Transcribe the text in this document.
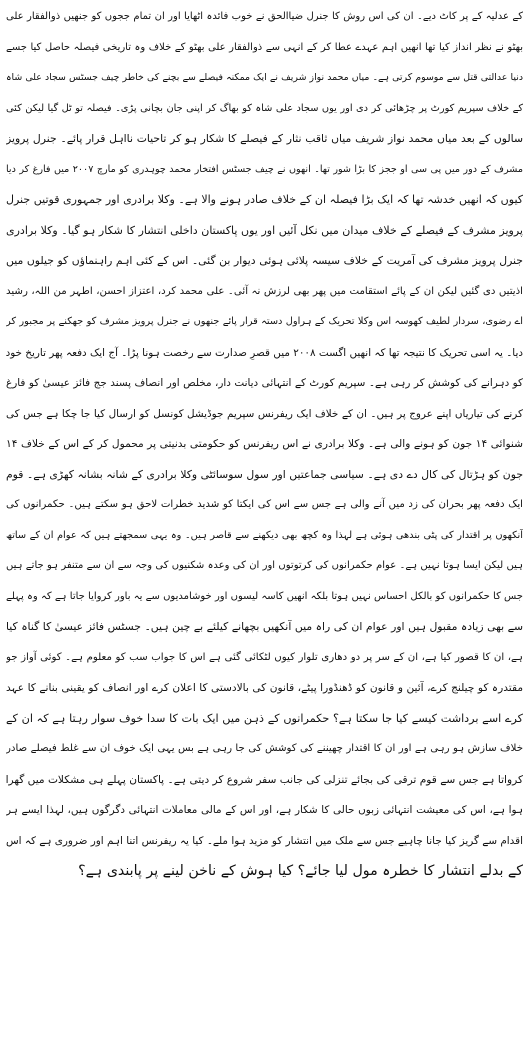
کے عدلیہ کے پر کاٹ دیے۔ ان کی اس روش کا جنرل ضیاالحق نے خوب فائدہ اٹھایا اور ان تمام ججوں کو جنھیں ذوالفقار علی
بھٹو نے نظر انداز کیا تھا انھیں اہم عہدے عطا کر کے انہی سے ذوالفقار علی بھٹو کے خلاف وہ تاریخی فیصلہ حاصل کیا جسے
دنیا عدالتی قتل سے موسوم کرتی ہے۔ میاں محمد نواز شریف نے ایک ممکنہ فیصلے سے بچنے کی خاطر چیف جسٹس سجاد علی شاہ
کے خلاف سپریم کورٹ پر چڑھائی کر دی اور یوں سجاد علی شاہ کو بھاگ کر اپنی جان بچانی پڑی۔ فیصلہ تو ٹل گیا لیکن کئی
سالوں کے بعد میاں محمد نواز شریف میاں ثاقب نثار کے فیصلے کا شکار ہو کر تاحیات نااہل قرار پائے۔ جنرل پرویز
مشرف کے دور میں پی سی او ججز کا بڑا شور تھا۔ انھوں نے چیف جسٹس افتخار محمد چوہدری کو مارچ ۲۰۰۷ میں فارغ کر دیا
کیوں کہ انھیں خدشہ تھا کہ ایک بڑا فیصلہ ان کے خلاف صادر ہونے والا ہے۔ وکلا برادری اور جمہوری قوتیں جنرل
پرویز مشرف کے فیصلے کے خلاف میدان میں نکل آئیں اور یوں پاکستان داخلی انتشار کا شکار ہو گیا۔ وکلا برادری
جنرل پرویز مشرف کی آمریت کے خلاف سیسہ پلائی ہوئی دیوار بن گئی۔ اس کے کئی اہم راہنماؤں کو جیلوں میں
اذیتیں دی گئیں لیکن ان کے پائے استقامت میں پھر بھی لرزش نہ آئی۔ علی محمد کرد، اعتزاز احسن، اطہر من اللہ، رشید
اے رضوی، سردار لطیف کھوسہ اس وکلا تحریک کے ہراول دستہ قرار پائے جنھوں نے جنرل پرویز مشرف کو جھکنے پر مجبور کر
دیا۔ یہ اسی تحریک کا نتیجہ تھا کہ انھیں اگست ۲۰۰۸ میں قصرِ صدارت سے رخصت ہونا پڑا۔ آج ایک دفعہ پھر تاریخ خود
کو دہرانے کی کوشش کر رہی ہے۔ سپریم کورٹ کے انتہائی دیانت دار، مخلص اور انصاف پسند جج فائز عیسیٰ کو فارغ
کرنے کی تیاریاں اپنے عروج پر ہیں۔ ان کے خلاف ایک ریفرنس سپریم جوڈیشل کونسل کو ارسال کیا جا چکا ہے جس کی
شنوائی ۱۴ جون کو ہونے والی ہے۔ وکلا برادری نے اس ریفرنس کو حکومتی بدنیتی پر محمول کر کے اس کے خلاف ۱۴
جون کو ہڑتال کی کال دے دی ہے۔ سیاسی جماعتیں اور سول سوسائٹی وکلا برادری کے شانہ بشانہ کھڑی ہے۔ قوم
ایک دفعہ پھر بحران کی زد میں آنے والی ہے جس سے اس کی ایکتا کو شدید خطرات لاحق ہو سکتے ہیں۔ حکمرانوں کی
آنکھوں پر اقتدار کی پٹی بندھی ہوئی ہے لہذا وہ کچھ بھی دیکھنے سے قاصر ہیں۔ وہ یہی سمجھتے ہیں کہ عوام ان کے ساتھ
ہیں لیکن ایسا ہوتا نہیں ہے۔ عوام حکمرانوں کی کرتوتوں اور ان کی وعدہ شکنیوں کی وجہ سے ان سے متنفر ہو جاتے ہیں
جس کا حکمرانوں کو بالکل احساس نہیں ہوتا بلکہ انھیں کاسہ لیسوں اور خوشامدیوں سے یہ باور کروایا جاتا ہے کہ وہ پہلے
سے بھی زیادہ مقبول ہیں اور عوام ان کی راہ میں آنکھیں بچھانے کیلئے بے چین ہیں۔ جسٹس فائز عیسیٰ کا گناہ کیا
ہے، ان کا قصور کیا ہے، ان کے سر پر دو دھاری تلوار کیوں لٹکائی گئی ہے اس کا جواب سب کو معلوم ہے۔ کوئی آواز جو
مقتدرہ کو چیلنج کرے، آئین و قانون کو ڈھنڈورا پیٹے، قانون کی بالادستی کا اعلان کرے اور انصاف کو یقینی بنانے کا عہد
کرے اسے برداشت کیسے کیا جا سکتا ہے؟ حکمرانوں کے ذہن میں ایک بات کا سدا خوف سوار رہتا ہے کہ ان کے
خلاف سازش ہو رہی ہے اور ان کا اقتدار چھیننے کی کوشش کی جا رہی ہے بس یہی ایک خوف ان سے غلط فیصلے صادر
کرواتا ہے جس سے قوم ترقی کی بجائے تنزلی کی جانب سفر شروع کر دیتی ہے۔ پاکستان پہلے ہی مشکلات میں گھرا
ہوا ہے، اس کی معیشت انتہائی زبوں حالی کا شکار ہے، اور اس کے مالی معاملات انتہائی دگرگوں ہیں، لہذا ایسے ہر
اقدام سے گریز کیا جانا چاہیے جس سے ملک میں انتشار کو مزید ہوا ملے۔ کیا یہ ریفرنس اتنا اہم اور ضروری ہے کہ اس
کے بدلے انتشار کا خطرہ مول لیا جائے؟ کیا ہوش کے ناخن لینے پر پابندی ہے؟
